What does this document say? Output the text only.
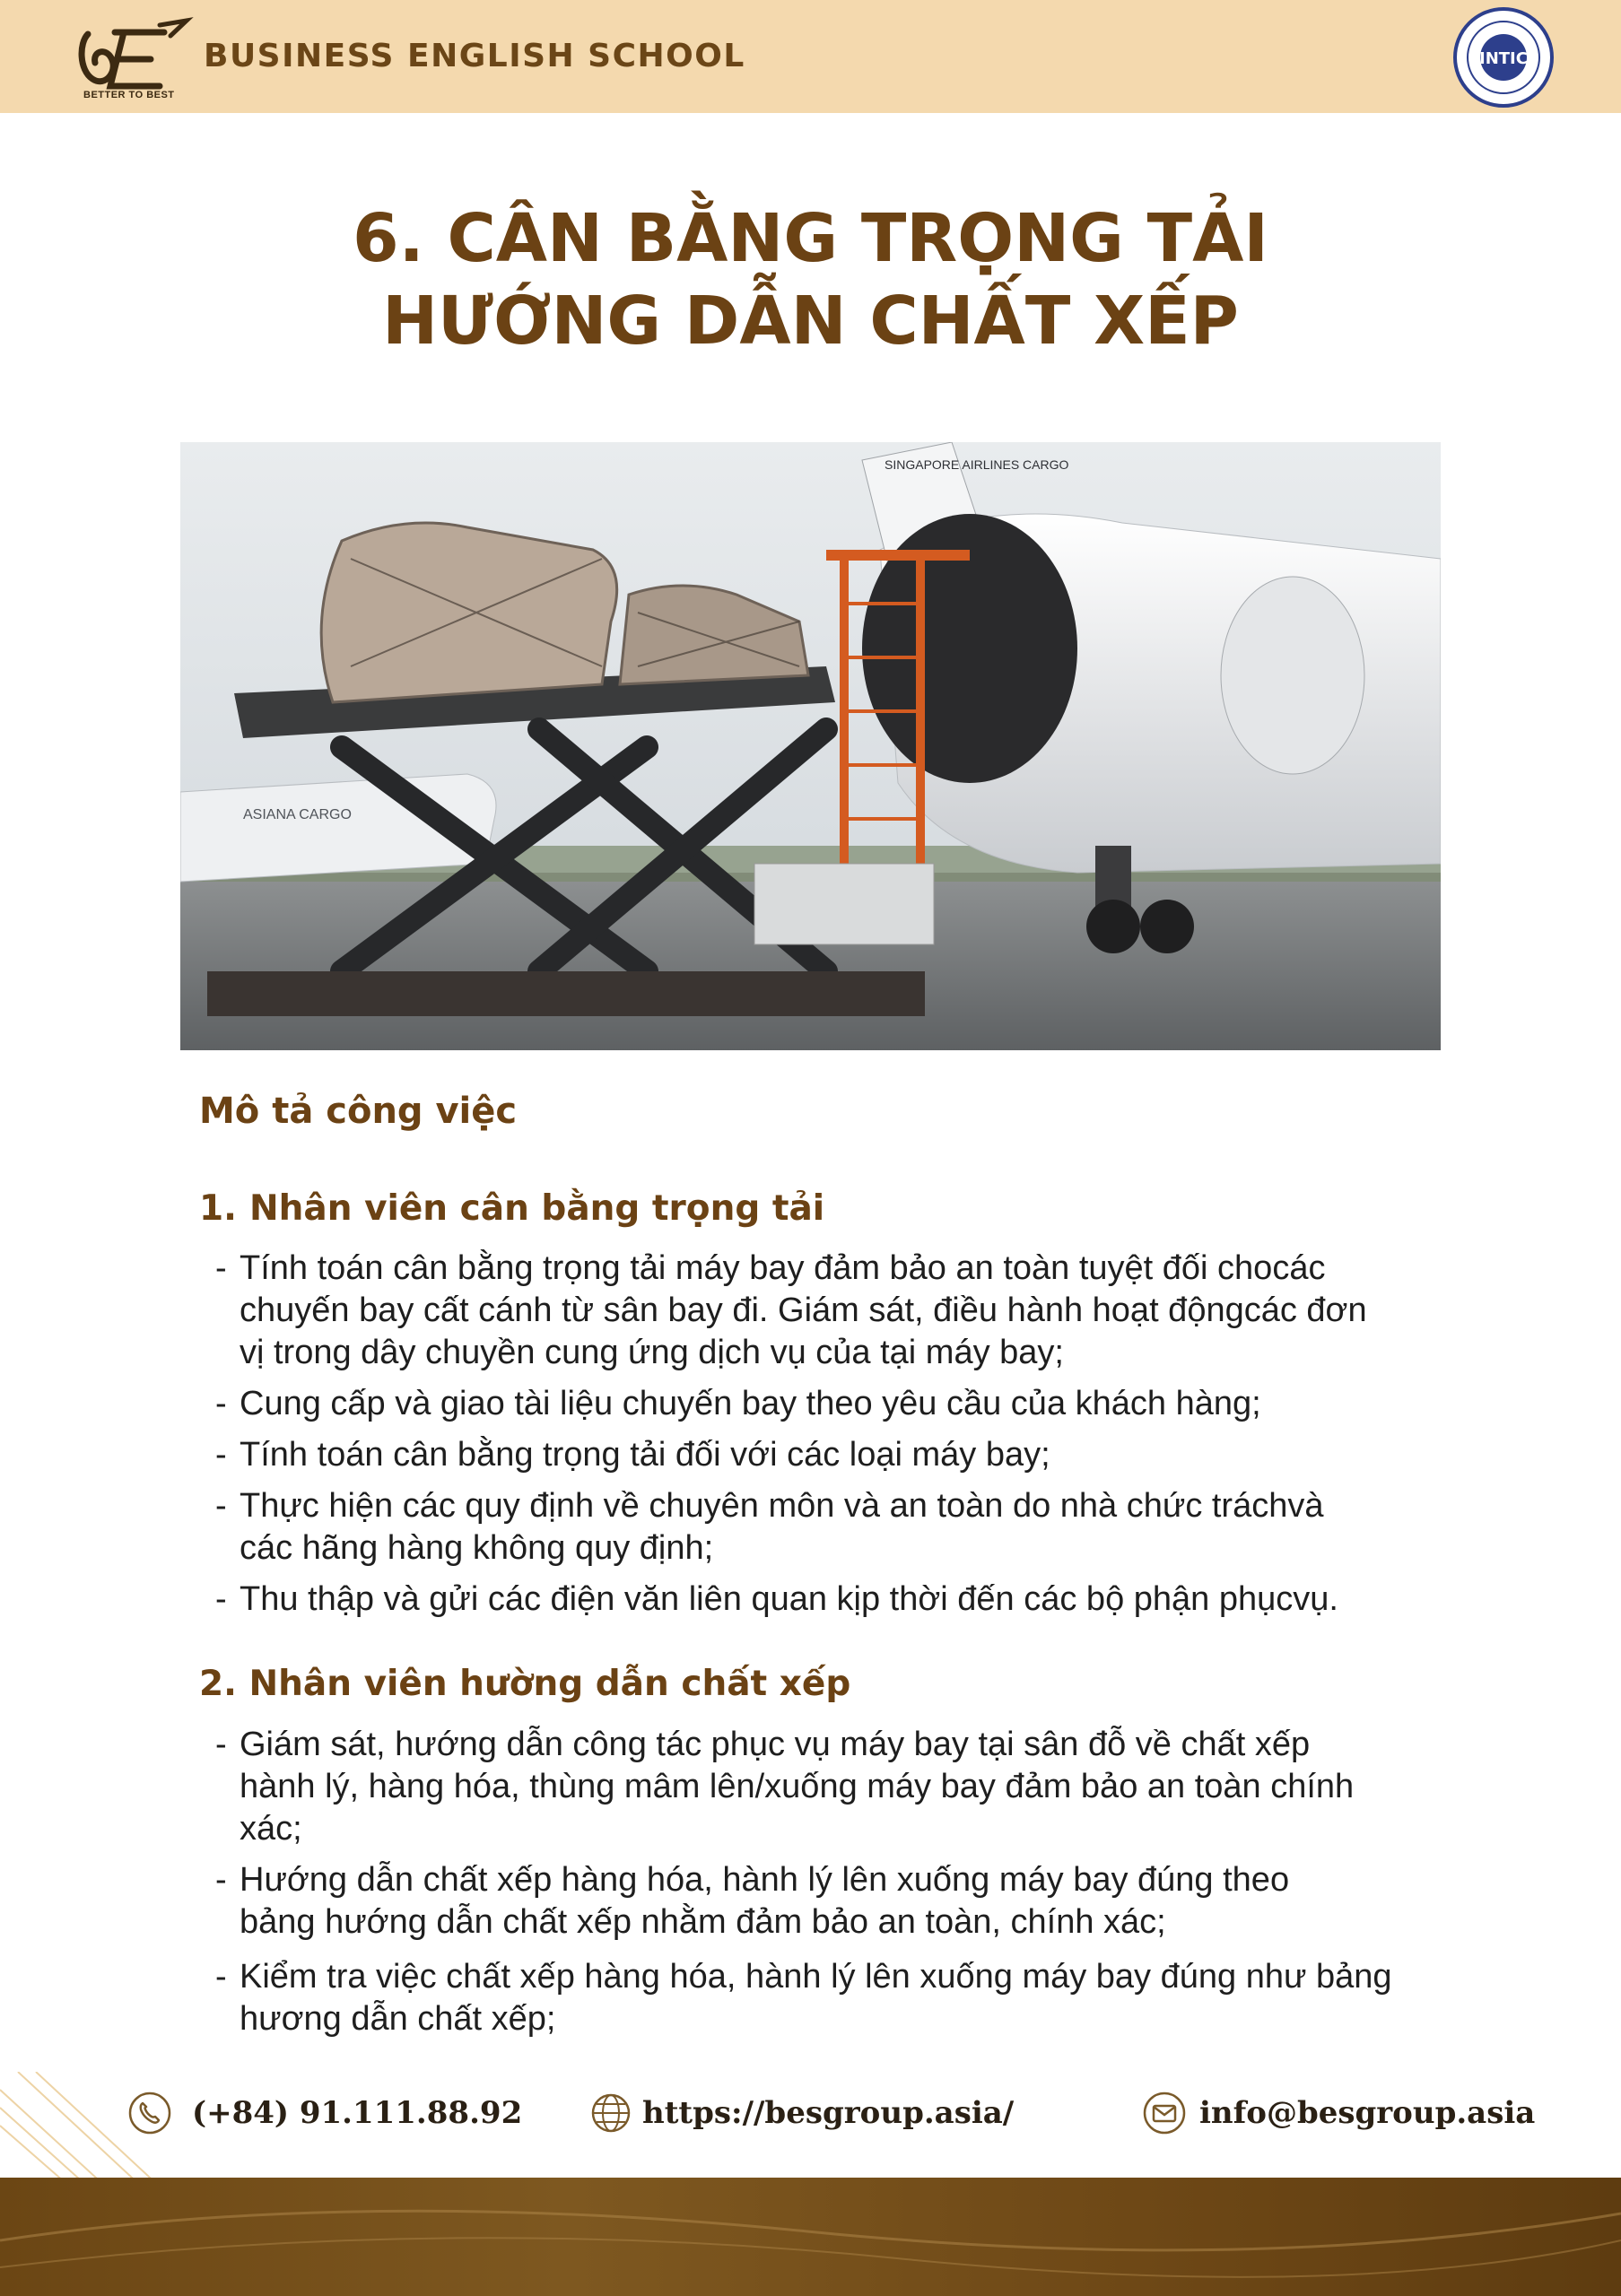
BETTER TO BEST
BUSINESS ENGLISH SCHOOL	INTIC
6. CÂN BẰNG TRỌNG TẢI
HƯỚNG DẪN CHẤT XẾP
ASIANA CARGO
SINGAPORE AIRLINES CARGO
Mô tả công việc
1. Nhân viên cân bằng trọng tải
- Tính toán cân bằng trọng tải máy bay đảm bảo an toàn tuyệt đối chocác
chuyến bay cất cánh từ sân bay đi. Giám sát, điều hành hoạt độngcác đơn
vị trong dây chuyền cung ứng dịch vụ của tại máy bay;
- Cung cấp và giao tài liệu chuyến bay theo yêu cầu của khách hàng;
- Tính toán cân bằng trọng tải đối với các loại máy bay;
- Thực hiện các quy định về chuyên môn và an toàn do nhà chức tráchvà
các hãng hàng không quy định;
- Thu thập và gửi các điện văn liên quan kịp thời đến các bộ phận phụcvụ.
2. Nhân viên hường dẫn chất xếp
- Giám sát, hướng dẫn công tác phục vụ máy bay tại sân đỗ về chất xếp
hành lý, hàng hóa, thùng mâm lên/xuống máy bay đảm bảo an toàn chính
xác;
- Hướng dẫn chất xếp hàng hóa, hành lý lên xuống máy bay đúng theo
bảng hướng dẫn chất xếp nhằm đảm bảo an toàn, chính xác;
- Kiểm tra việc chất xếp hàng hóa, hành lý lên xuống máy bay đúng như bảng
hương dẫn chất xếp;
(+84) 91.111.88.92	https://besgroup.asia/	info@besgroup.asia
